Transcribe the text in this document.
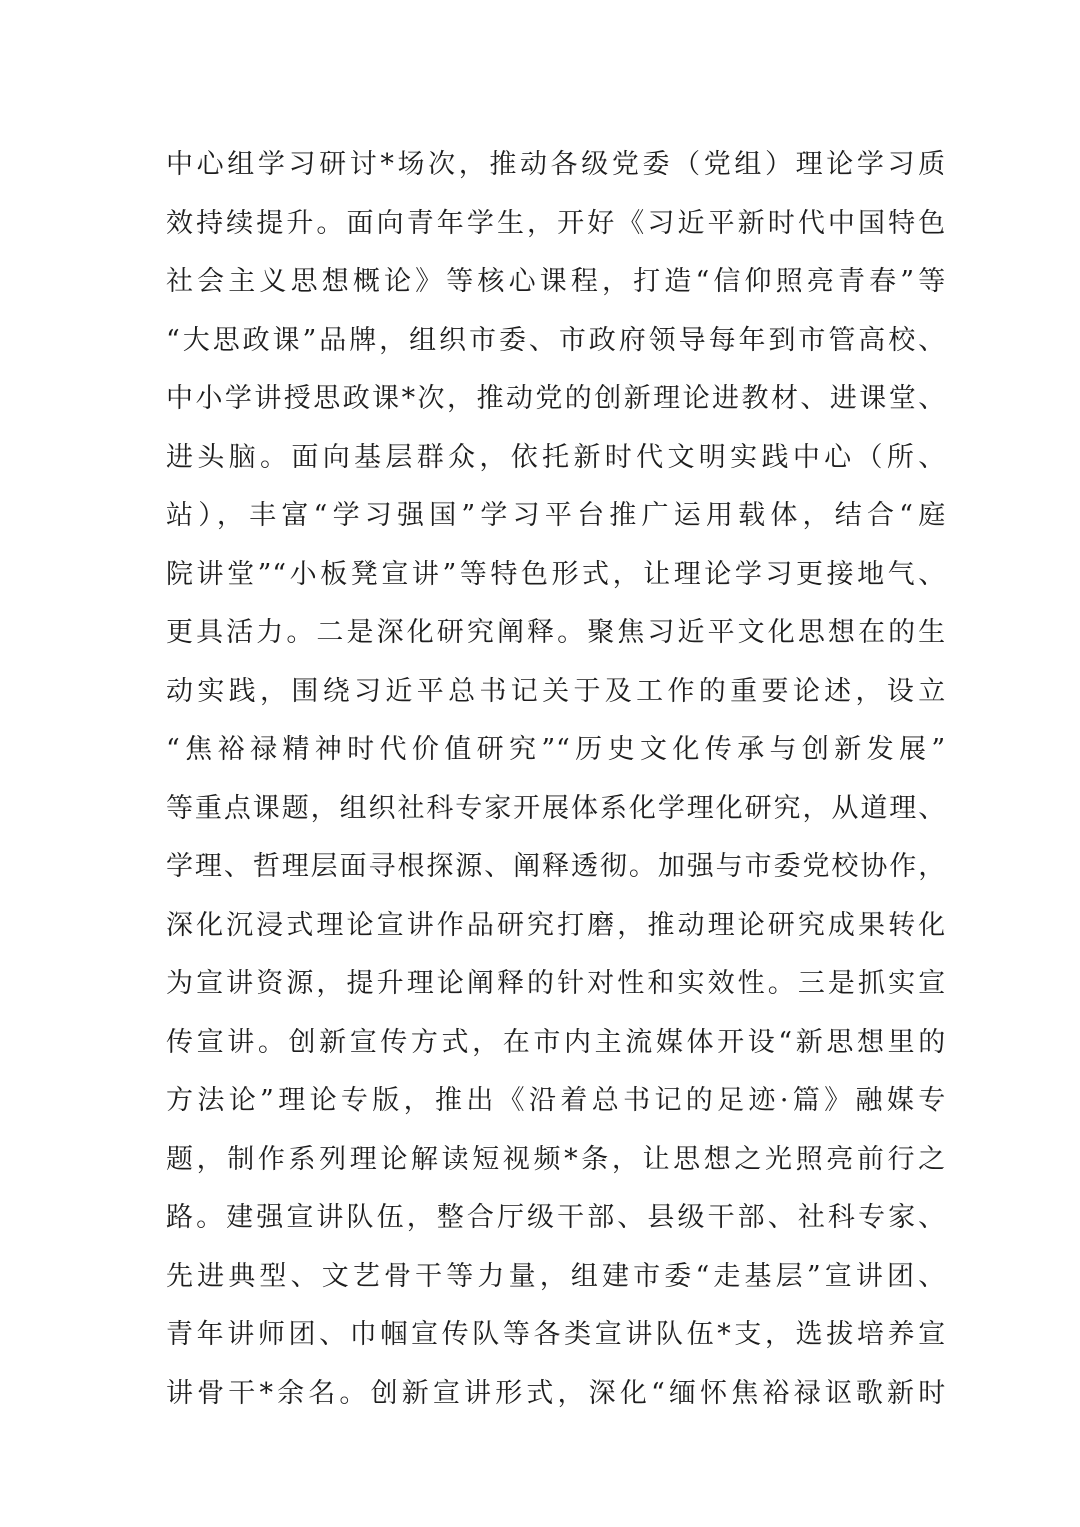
中心组学习研讨*场次，推动各级党委（党组）理论学习质
效持续提升。面向青年学生，开好《习近平新时代中国特色
社会主义思想概论》等核心课程，打造“信仰照亮青春”等
“大思政课”品牌，组织市委、市政府领导每年到市管高校、
中小学讲授思政课*次，推动党的创新理论进教材、进课堂、
进头脑。面向基层群众，依托新时代文明实践中心（所、
站），丰富“学习强国”学习平台推广运用载体，结合“庭
院讲堂”“小板凳宣讲”等特色形式，让理论学习更接地气、
更具活力。二是深化研究阐释。聚焦习近平文化思想在的生
动实践，围绕习近平总书记关于及工作的重要论述，设立
“焦裕禄精神时代价值研究”“历史文化传承与创新发展”
等重点课题，组织社科专家开展体系化学理化研究，从道理、
学理、哲理层面寻根探源、阐释透彻。加强与市委党校协作，
深化沉浸式理论宣讲作品研究打磨，推动理论研究成果转化
为宣讲资源，提升理论阐释的针对性和实效性。三是抓实宣
传宣讲。创新宣传方式，在市内主流媒体开设“新思想里的
方法论”理论专版，推出《沿着总书记的足迹·篇》融媒专
题，制作系列理论解读短视频*条，让思想之光照亮前行之
路。建强宣讲队伍，整合厅级干部、县级干部、社科专家、
先进典型、文艺骨干等力量，组建市委“走基层”宣讲团、
青年讲师团、巾帼宣传队等各类宣讲队伍*支，选拔培养宣
讲骨干*余名。创新宣讲形式，深化“缅怀焦裕禄讴歌新时
